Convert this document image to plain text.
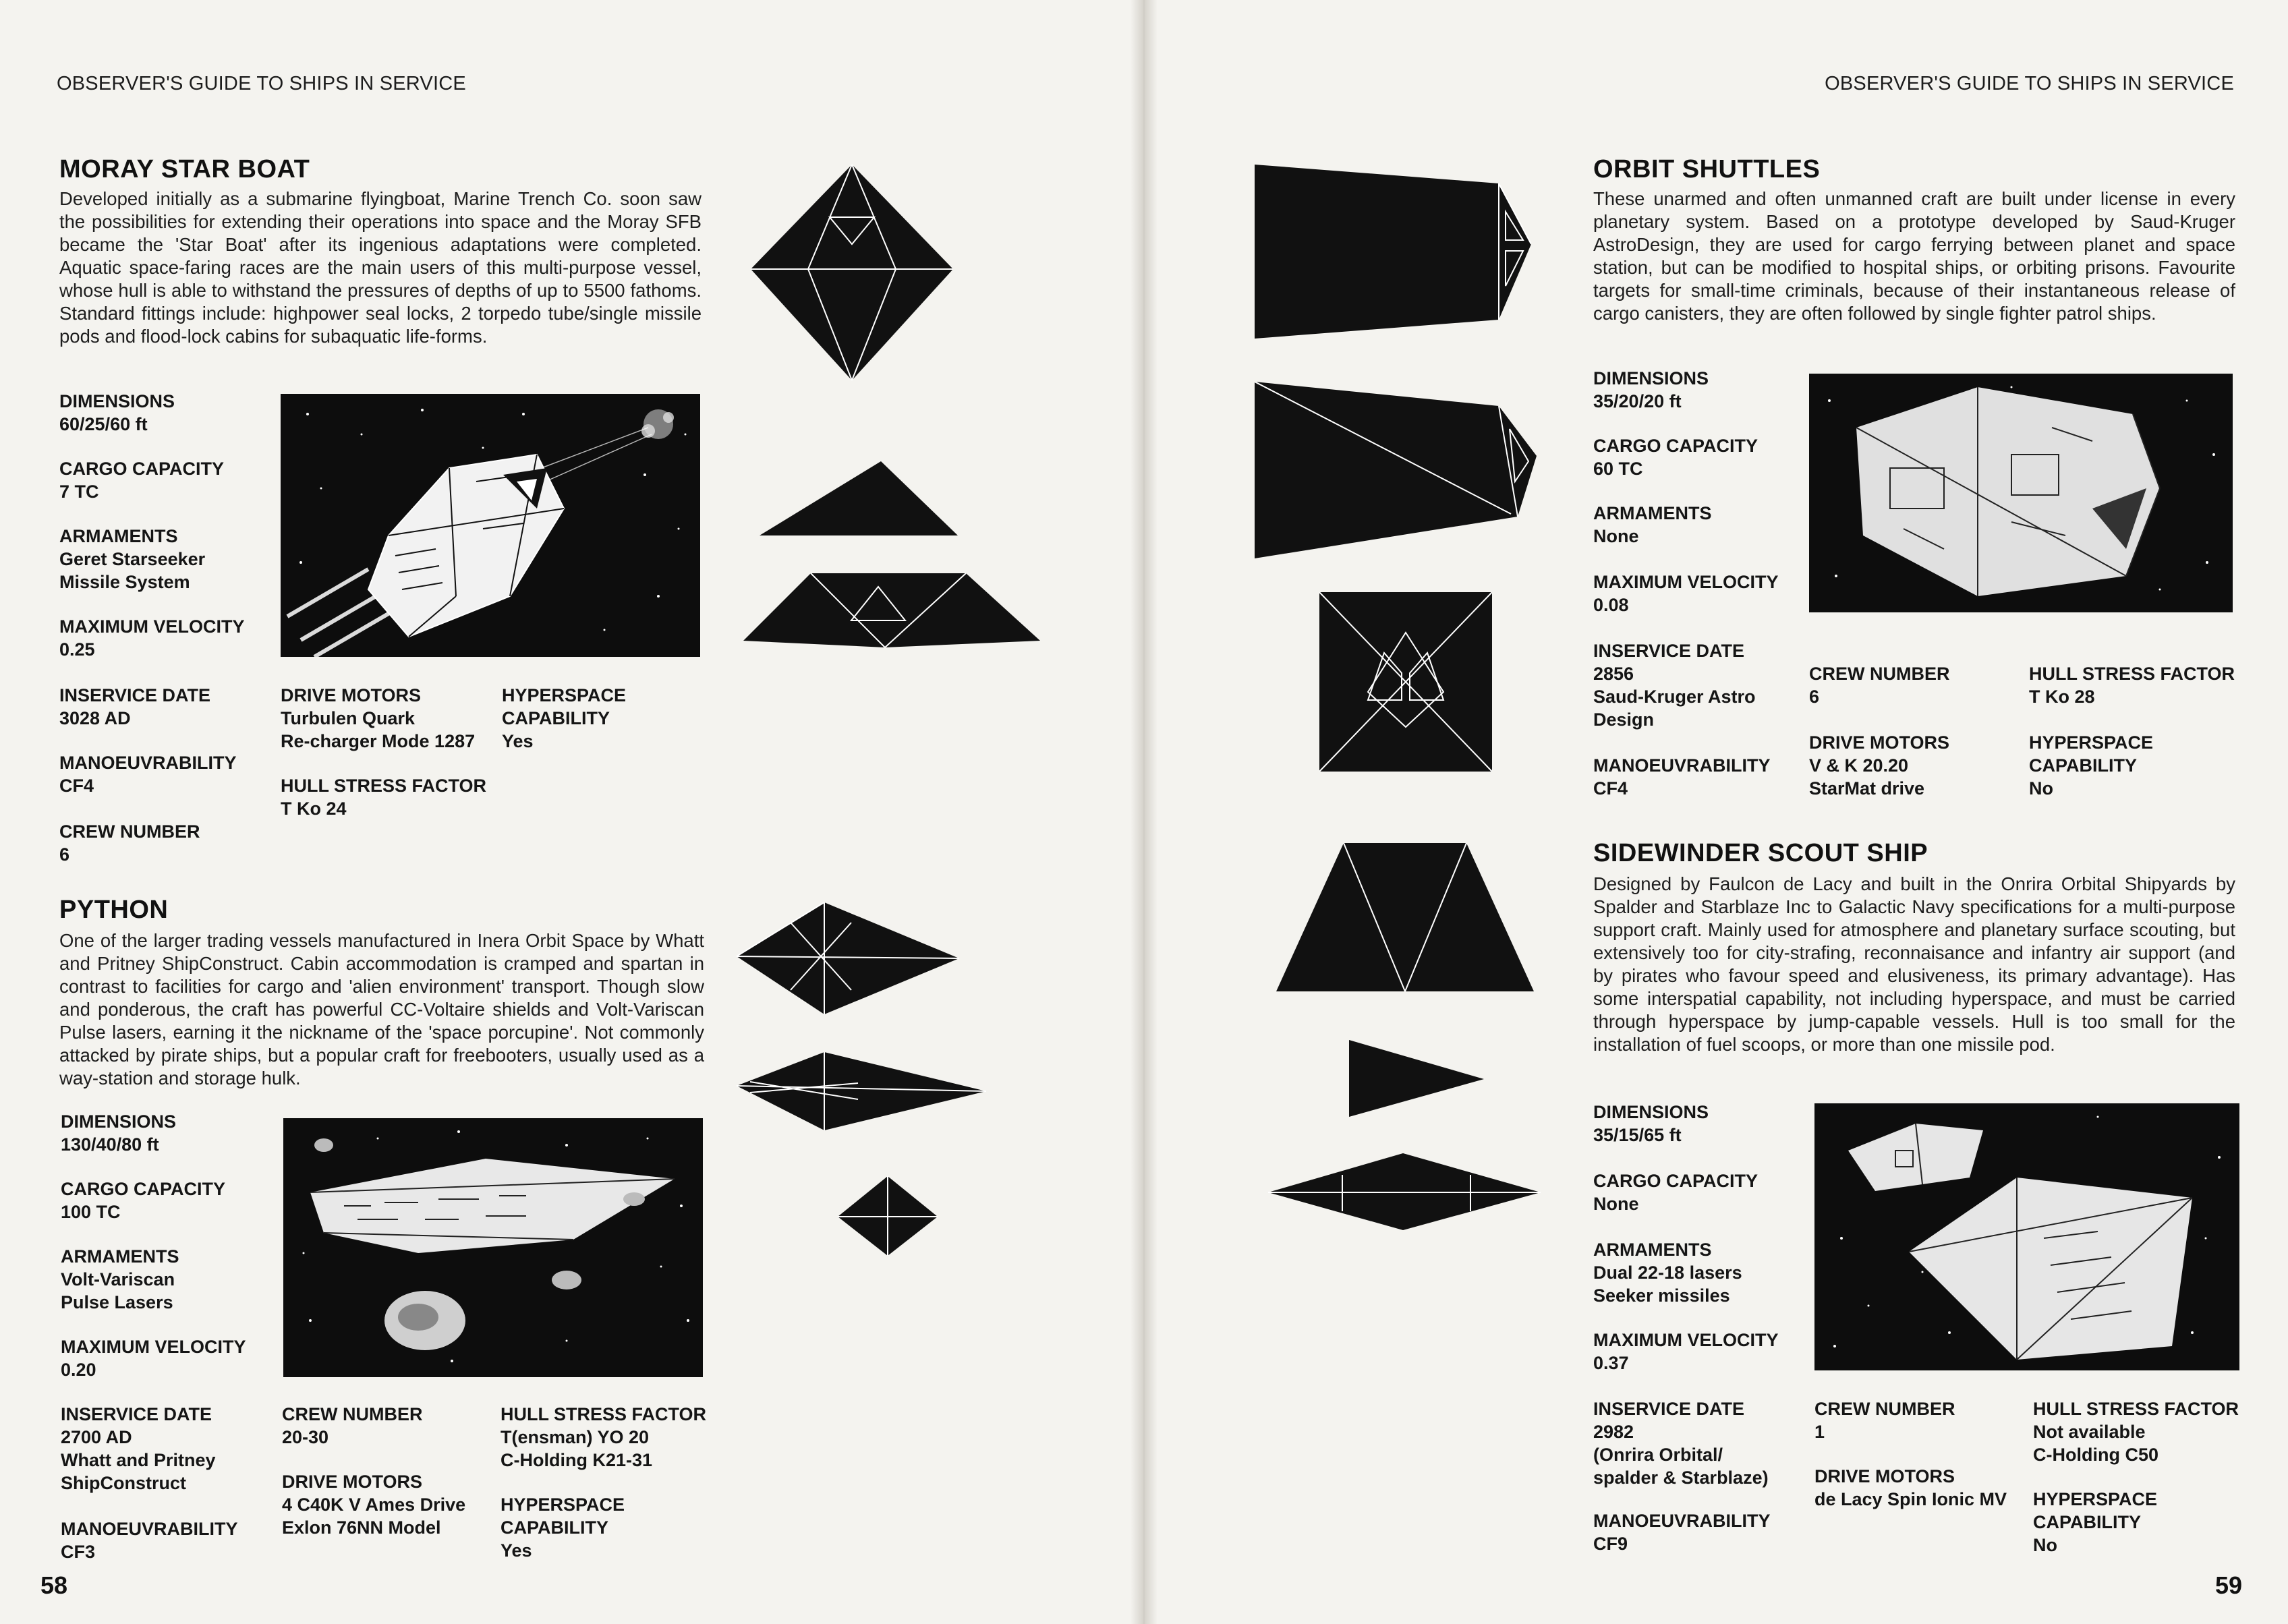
OBSERVER'S GUIDE TO SHIPS IN SERVICE
MORAY STAR BOAT
Developed initially as a submarine flyingboat, Marine Trench Co. soon saw the possibilities for extending their operations into space and the Moray SFB became the 'Star Boat' after its ingenious adaptations were completed. Aquatic space-faring races are the main users of this multi-purpose vessel, whose hull is able to withstand the pressures of depths of up to 5500 fathoms. Standard fittings include: highpower seal locks, 2 torpedo tube/single missile pods and flood-lock cabins for subaquatic life-forms.
DIMENSIONS
60/25/60 ft
CARGO CAPACITY
7 TC
ARMAMENTS
Geret Starseeker
Missile System
MAXIMUM VELOCITY
0.25
INSERVICE DATE
3028 AD
MANOEUVRABILITY
CF4
CREW NUMBER
6
DRIVE MOTORS
Turbulen Quark
Re-charger Mode 1287
HULL STRESS FACTOR
T Ko 24
HYPERSPACE
CAPABILITY
Yes
PYTHON
One of the larger trading vessels manufactured in Inera Orbit Space by Whatt and Pritney ShipConstruct. Cabin accommodation is cramped and spartan in contrast to facilities for cargo and 'alien environment' transport. Though slow and ponderous, the craft has powerful CC-Voltaire shields and Volt-Variscan Pulse lasers, earning it the nickname of the 'space porcupine'. Not commonly attacked by pirate ships, but a popular craft for freebooters, usually used as a way-station and storage hulk.
DIMENSIONS
130/40/80 ft
CARGO CAPACITY
100 TC
ARMAMENTS
Volt-Variscan
Pulse Lasers
MAXIMUM VELOCITY
0.20
INSERVICE DATE
2700 AD
Whatt and Pritney
ShipConstruct
MANOEUVRABILITY
CF3
CREW NUMBER
20-30
DRIVE MOTORS
4 C40K V Ames Drive
Exlon 76NN Model
HULL STRESS FACTOR
T(ensman) YO 20
C-Holding K21-31
HYPERSPACE
CAPABILITY
Yes
58
OBSERVER'S GUIDE TO SHIPS IN SERVICE
ORBIT SHUTTLES
These unarmed and often unmanned craft are built under license in every planetary system. Based on a prototype developed by Saud-Kruger AstroDesign, they are used for cargo ferrying between planet and space station, but can be modified to hospital ships, or orbiting prisons. Favourite targets for small-time criminals, because of their instantaneous release of cargo canisters, they are often followed by single fighter patrol ships.
DIMENSIONS
35/20/20 ft
CARGO CAPACITY
60 TC
ARMAMENTS
None
MAXIMUM VELOCITY
0.08
INSERVICE DATE
2856
Saud-Kruger Astro
Design
MANOEUVRABILITY
CF4
CREW NUMBER
6
DRIVE MOTORS
V & K 20.20
StarMat drive
HULL STRESS FACTOR
T Ko 28
HYPERSPACE
CAPABILITY
No
SIDEWINDER SCOUT SHIP
Designed by Faulcon de Lacy and built in the Onrira Orbital Shipyards by Spalder and Starblaze Inc to Galactic Navy specifications for a multi-purpose support craft. Mainly used for atmosphere and planetary surface scouting, but extensively too for city-strafing, reconnaisance and infantry air support (and by pirates who favour speed and elusiveness, its primary advantage). Has some interspatial capability, not including hyperspace, and must be carried through hyperspace by jump-capable vessels. Hull is too small for the installation of fuel scoops, or more than one missile pod.
DIMENSIONS
35/15/65 ft
CARGO CAPACITY
None
ARMAMENTS
Dual 22-18 lasers
Seeker missiles
MAXIMUM VELOCITY
0.37
INSERVICE DATE
2982
(Onrira Orbital/
spalder & Starblaze)
MANOEUVRABILITY
CF9
CREW NUMBER
1
DRIVE MOTORS
de Lacy Spin Ionic MV
HULL STRESS FACTOR
Not available
C-Holding C50
HYPERSPACE
CAPABILITY
No
59
